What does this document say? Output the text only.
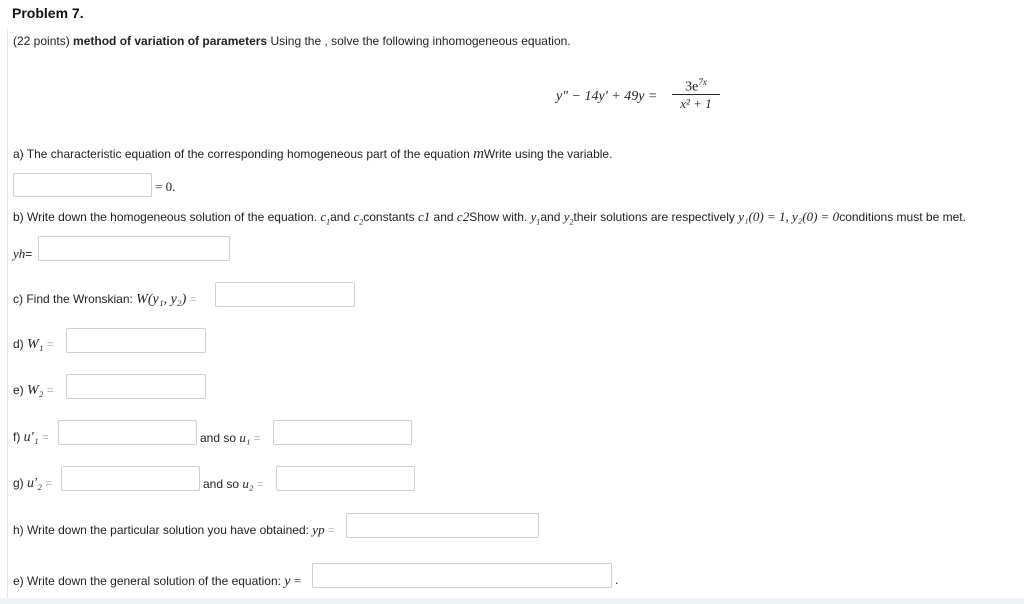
Problem 7.
(22 points) method of variation of parameters Using the , solve the following inhomogeneous equation.
y″ − 14y′ + 49y =
$3e^{7x}$
x² + 1
a) The characteristic equation of the corresponding homogeneous part of the equation mWrite using the variable.
= 0.
b) Write down the homogeneous solution of the equation. $c_1and$ $c_2constants$ c1 and c2Show with. $y_1and$ $y_2their$ solutions are respectively y₁(0) = 1, y₂(0) = 0conditions must be met.
yh=
c) Find the Wronskian: W(y₁, y₂) =
d) W₁ =
e) W₂ =
f) u′₁ =	and so u₁ =
g) u′₂ =	and so u₂ =
h) Write down the particular solution you have obtained: yp =
e) Write down the general solution of the equation: y =	.
